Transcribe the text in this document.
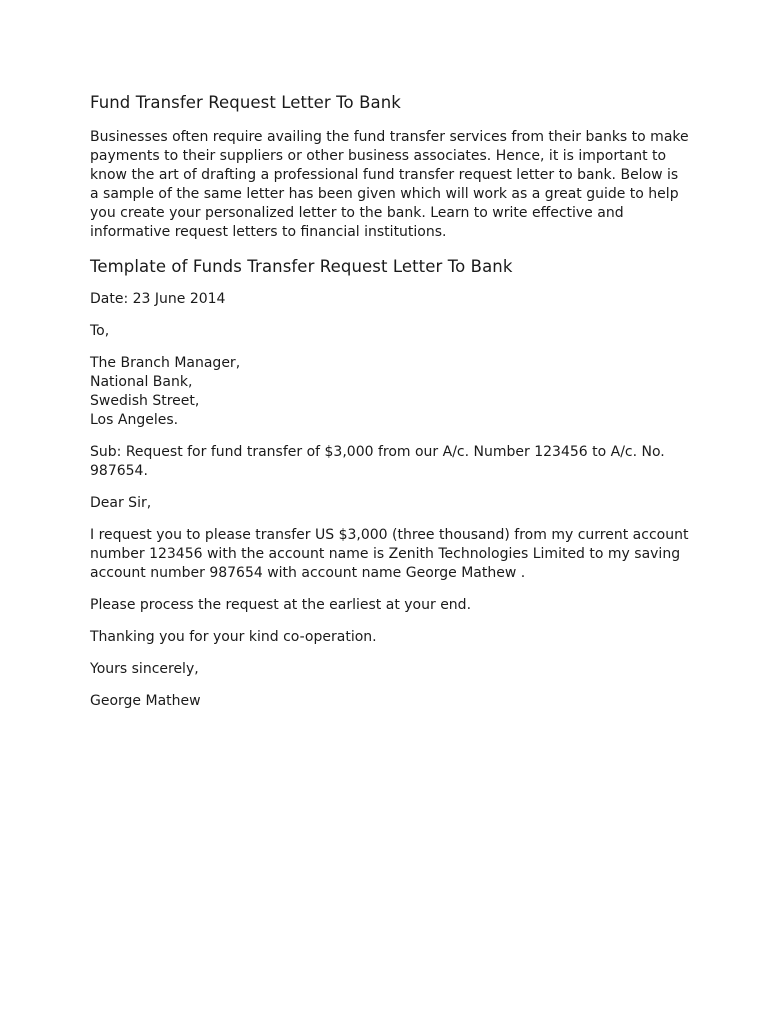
Fund Transfer Request Letter To Bank

Businesses often require availing the fund transfer services from their banks to make payments to their suppliers or other business associates. Hence, it is important to know the art of drafting a professional fund transfer request letter to bank. Below is a sample of the same letter has been given which will work as a great guide to help you create your personalized letter to the bank. Learn to write effective and informative request letters to financial institutions.

Template of Funds Transfer Request Letter To Bank

Date: 23 June 2014

To,

The Branch Manager,
National Bank,
Swedish Street,
Los Angeles.

Sub: Request for fund transfer of $3,000 from our A/c. Number 123456 to A/c. No. 987654.

Dear Sir,

I request you to please transfer US $3,000 (three thousand) from my current account number 123456 with the account name is Zenith Technologies Limited to my saving account number 987654 with account name George Mathew .

Please process the request at the earliest at your end.

Thanking you for your kind co-operation.

Yours sincerely,

George Mathew
